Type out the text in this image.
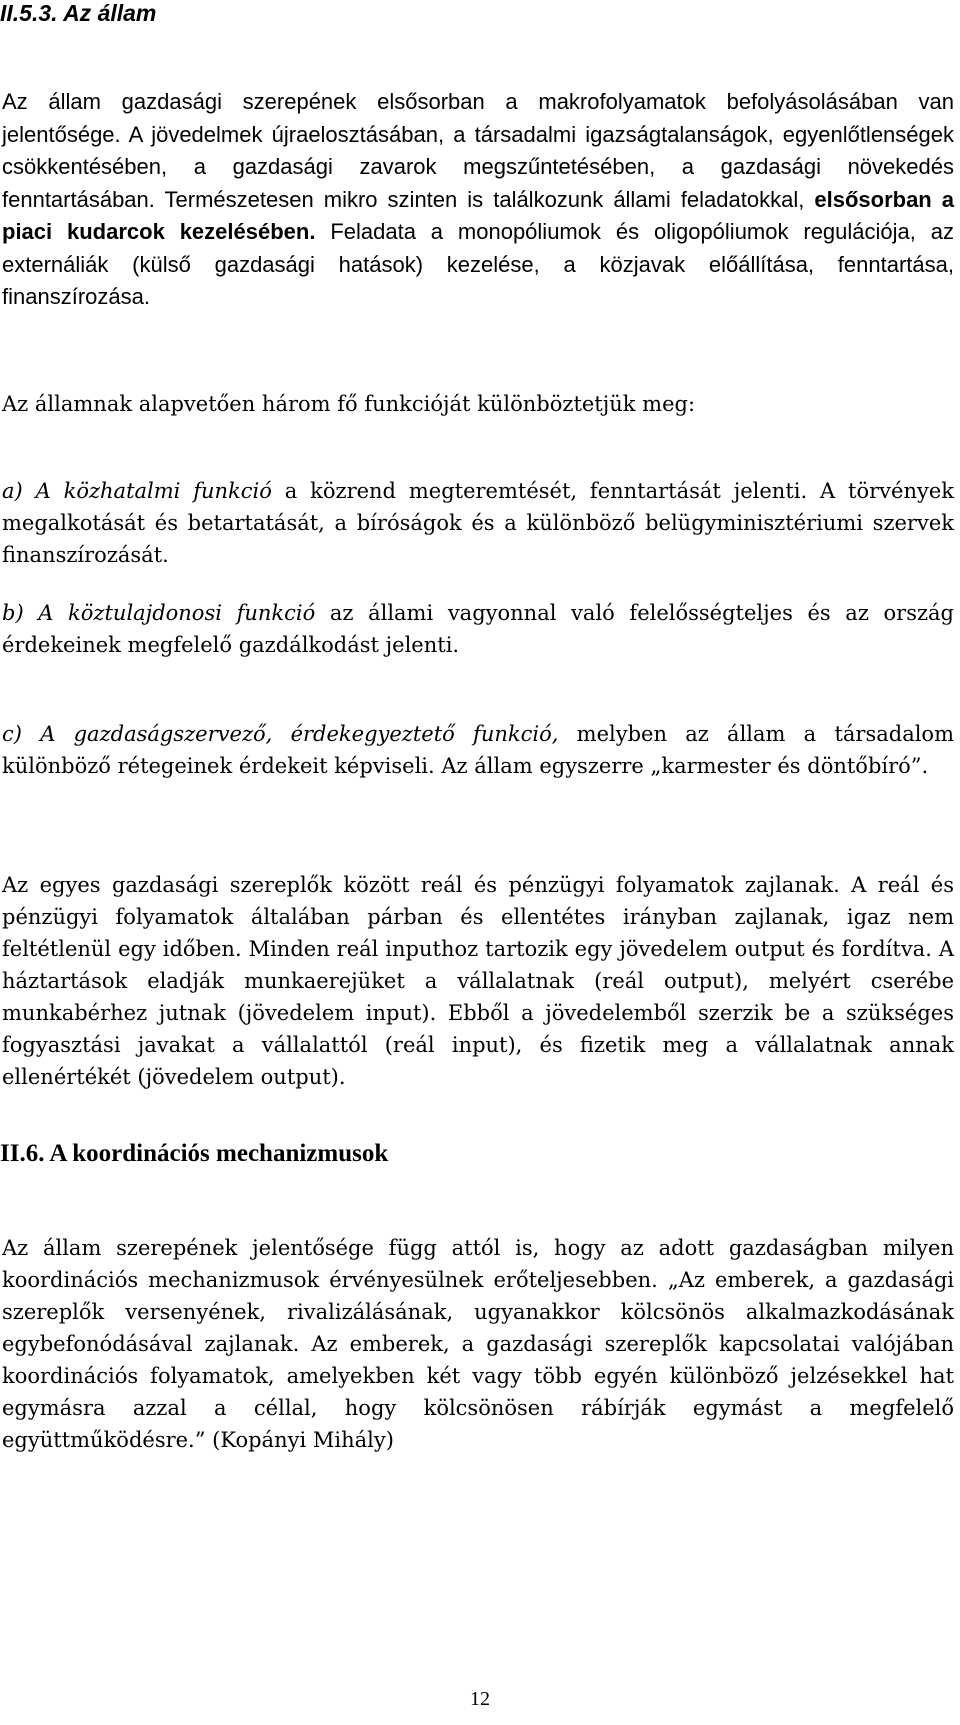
II.5.3. Az állam

Az állam gazdasági szerepének elsősorban a makrofolyamatok befolyásolásában van jelentősége. A jövedelmek újraelosztásában, a társadalmi igazságtalanságok, egyenlőtlenségek csökkentésében, a gazdasági zavarok megszűntetésében, a gazdasági növekedés fenntartásában. Természetesen mikro szinten is találkozunk állami feladatokkal, elsősorban a piaci kudarcok kezelésében. Feladata a monopóliumok és oligopóliumok regulációja, az externáliák (külső gazdasági hatások) kezelése, a közjavak előállítása, fenntartása, finanszírozása.

Az államnak alapvetően három fő funkcióját különböztetjük meg:

a) A közhatalmi funkció a közrend megteremtését, fenntartását jelenti. A törvények megalkotását és betartatását, a bíróságok és a különböző belügyminisztériumi szervek finanszírozását.

b) A köztulajdonosi funkció az állami vagyonnal való felelősségteljes és az ország érdekeinek megfelelő gazdálkodást jelenti.

c) A gazdaságszervező, érdekegyeztető funkció, melyben az állam a társadalom különböző rétegeinek érdekeit képviseli. Az állam egyszerre „karmester és döntőbíró”.

Az egyes gazdasági szereplők között reál és pénzügyi folyamatok zajlanak. A reál és pénzügyi folyamatok általában párban és ellentétes irányban zajlanak, igaz nem feltétlenül egy időben. Minden reál inputhoz tartozik egy jövedelem output és fordítva. A háztartások eladják munkaerejüket a vállalatnak (reál output), melyért cserébe munkabérhez jutnak (jövedelem input). Ebből a jövedelemből szerzik be a szükséges fogyasztási javakat a vállalattól (reál input), és fizetik meg a vállalatnak annak ellenértékét (jövedelem output).

II.6. A koordinációs mechanizmusok

Az állam szerepének jelentősége függ attól is, hogy az adott gazdaságban milyen koordinációs mechanizmusok érvényesülnek erőteljesebben. „Az emberek, a gazdasági szereplők versenyének, rivalizálásának, ugyanakkor kölcsönös alkalmazkodásának egybefonódásával zajlanak. Az emberek, a gazdasági szereplők kapcsolatai valójában koordinációs folyamatok, amelyekben két vagy több egyén különböző jelzésekkel hat egymásra azzal a céllal, hogy kölcsönösen rábírják egymást a megfelelő együttműködésre.” (Kopányi Mihály)

12
